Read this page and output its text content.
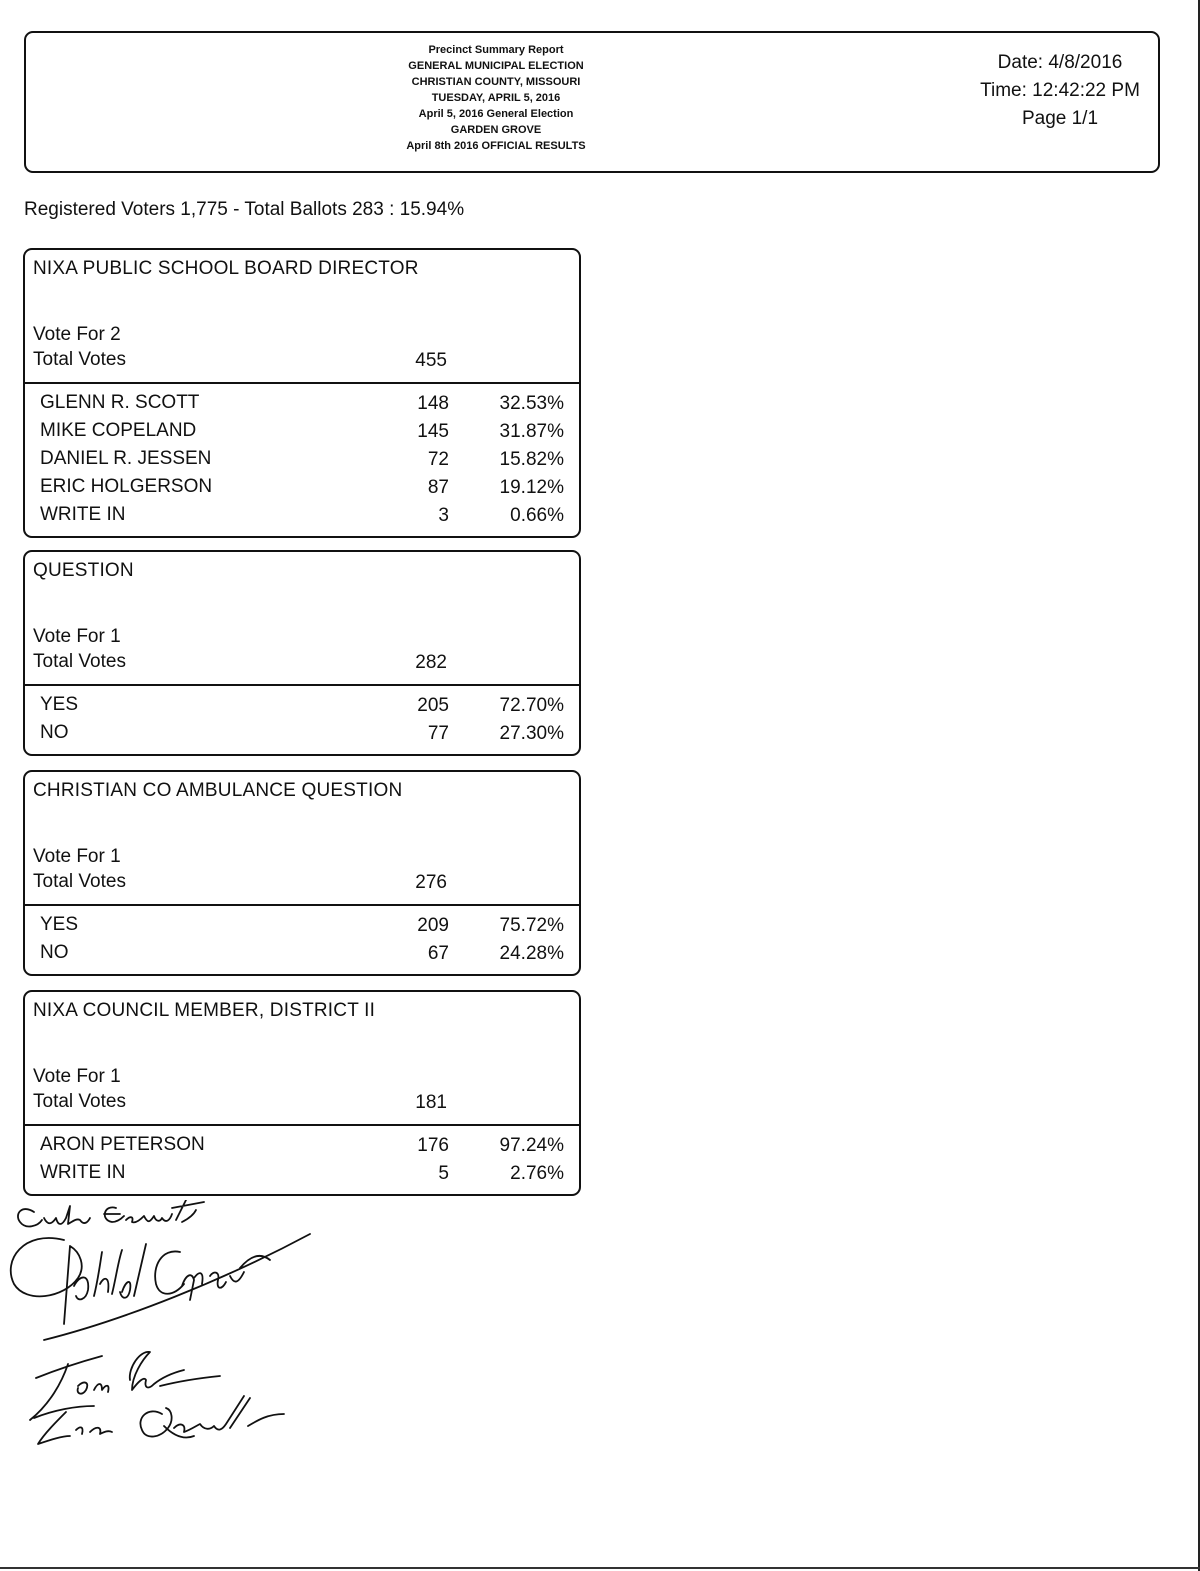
Precinct Summary Report
GENERAL MUNICIPAL ELECTION
CHRISTIAN COUNTY, MISSOURI
TUESDAY, APRIL 5, 2016
April 5, 2016 General Election
GARDEN GROVE
April 8th 2016 OFFICIAL RESULTS
Date: 4/8/2016
Time: 12:42:22 PM
Page 1/1
Registered Voters 1,775 - Total Ballots 283 : 15.94%
NIXA PUBLIC SCHOOL BOARD DIRECTOR
Vote For 2
Total Votes	455
GLENN R. SCOTT	148	32.53%
MIKE COPELAND	145	31.87%
DANIEL R. JESSEN	72	15.82%
ERIC HOLGERSON	87	19.12%
WRITE IN	3	0.66%
QUESTION
Vote For 1
Total Votes	282
YES	205	72.70%
NO	77	27.30%
CHRISTIAN CO AMBULANCE QUESTION
Vote For 1
Total Votes	276
YES	209	75.72%
NO	67	24.28%
NIXA COUNCIL MEMBER, DISTRICT II
Vote For 1
Total Votes	181
ARON PETERSON	176	97.24%
WRITE IN	5	2.76%
